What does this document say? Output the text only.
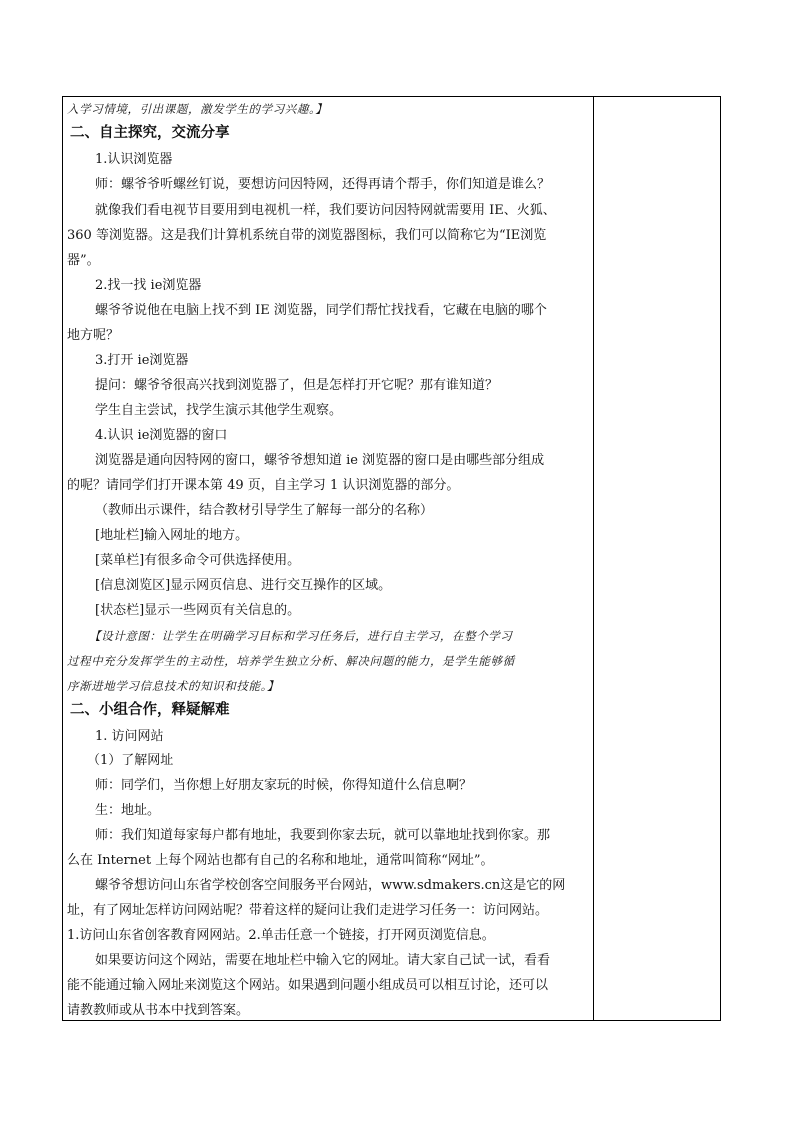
入学习情境，引出课题，激发学生的学习兴趣。】
二、自主探究，交流分享
1.认识浏览器
师：螺爷爷听螺丝钉说，要想访问因特网，还得再请个帮手，你们知道是谁么？
就像我们看电视节目要用到电视机一样，我们要访问因特网就需要用 IE、火狐、
360 等浏览器。这是我们计算机系统自带的浏览器图标，我们可以简称它为“IE浏览
器”。
2.找一找 ie浏览器
螺爷爷说他在电脑上找不到 IE 浏览器，同学们帮忙找找看，它藏在电脑的哪个
地方呢？
3.打开 ie浏览器
提问：螺爷爷很高兴找到浏览器了，但是怎样打开它呢？那有谁知道？
学生自主尝试，找学生演示其他学生观察。
4.认识 ie浏览器的窗口
浏览器是通向因特网的窗口，螺爷爷想知道 ie 浏览器的窗口是由哪些部分组成
的呢？请同学们打开课本第 49 页，自主学习 1 认识浏览器的部分。
（教师出示课件，结合教材引导学生了解每一部分的名称）
[地址栏]输入网址的地方。
[菜单栏]有很多命令可供选择使用。
[信息浏览区]显示网页信息、进行交互操作的区域。
[状态栏]显示一些网页有关信息的。
【设计意图：让学生在明确学习目标和学习任务后，进行自主学习，在整个学习
过程中充分发挥学生的主动性，培养学生独立分析、解决问题的能力，是学生能够循
序渐进地学习信息技术的知识和技能。】
二、小组合作，释疑解难
1. 访问网站
（1）了解网址
师：同学们，当你想上好朋友家玩的时候，你得知道什么信息啊？
生：地址。
师：我们知道每家每户都有地址，我要到你家去玩，就可以靠地址找到你家。那
么在 Internet 上每个网站也都有自己的名称和地址，通常叫简称“网址”。
螺爷爷想访问山东省学校创客空间服务平台网站，www.sdmakers.cn这是它的网
址，有了网址怎样访问网站呢？带着这样的疑问让我们走进学习任务一：访问网站。
1.访问山东省创客教育网网站。2.单击任意一个链接，打开网页浏览信息。
如果要访问这个网站，需要在地址栏中输入它的网址。请大家自己试一试，看看
能不能通过输入网址来浏览这个网站。如果遇到问题小组成员可以相互讨论，还可以
请教教师或从书本中找到答案。
